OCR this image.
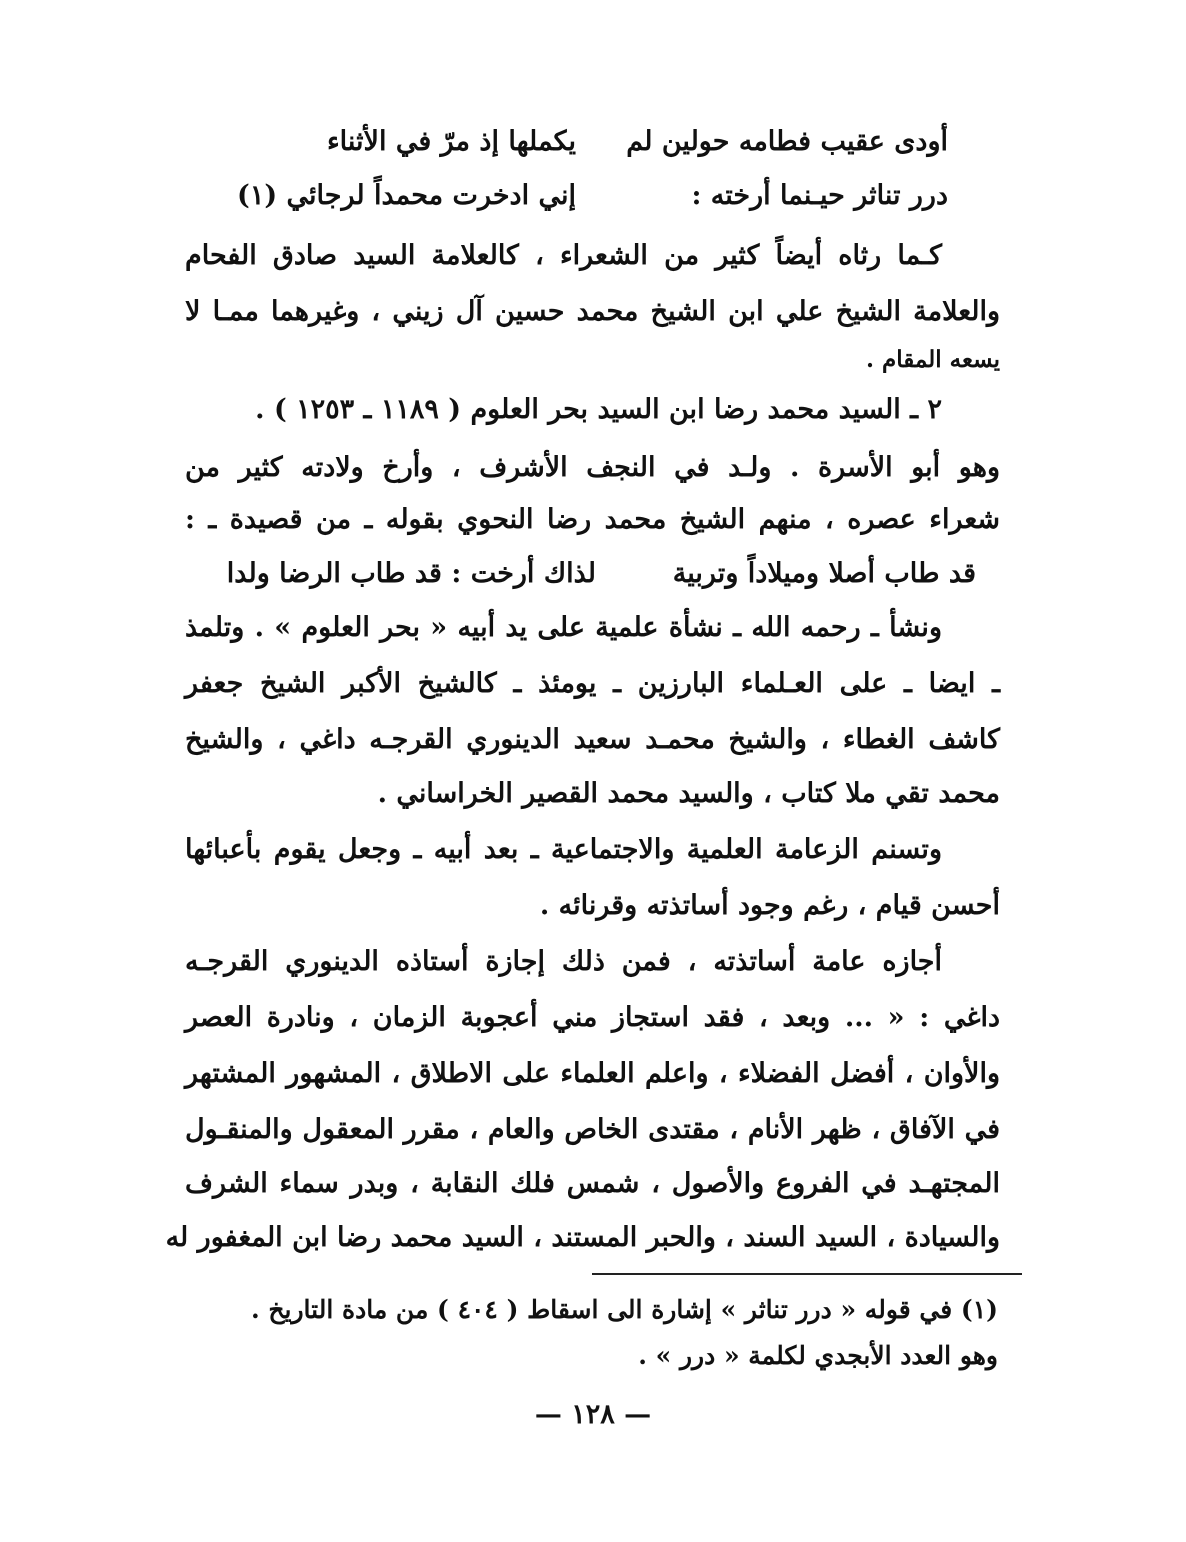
أودى عقيب فطامه حولين لم
يكملها إذ مرّ في الأثناء
درر تناثر حيـنما أرخته :
إني ادخرت محمداً لرجائي (١)
كـما رثاه أيضاً كثير من الشعراء ، كالعلامة السيد صادق الفحام
والعلامة الشيخ علي ابن الشيخ محمد حسين آل زيني ، وغيرهما ممـا لا
يسعه المقام .
٢ ـ السيد محمد رضا ابن السيد بحر العلوم ( ١١٨٩ ـ ١٢٥٣ ) .
وهو أبو الأسرة . ولـد في النجف الأشرف ، وأرخ ولادته كثير من
شعراء عصره ، منهم الشيخ محمد رضا النحوي بقوله ـ من قصيدة ـ :
قد طاب أصلا وميلاداً وتربية
لذاك أرخت : قد طاب الرضا ولدا
ونشأ ـ رحمه الله ـ نشأة علمية على يد أبيه « بحر العلوم » . وتلمذ
ـ ايضا ـ على العـلماء البارزين ـ يومئذ ـ كالشيخ الأكبر الشيخ جعفر
كاشف الغطاء ، والشيخ محمـد سعيد الدينوري القرجـه داغي ، والشيخ
محمد تقي ملا كتاب ، والسيد محمد القصير الخراساني .
وتسنم الزعامة العلمية والاجتماعية ـ بعد أبيه ـ وجعل يقوم بأعبائها
أحسن قيام ، رغم وجود أساتذته وقرنائه .
أجازه عامة أساتذته ، فمن ذلك إجازة أستاذه الدينوري القرجـه
داغي : « ... وبعد ، فقد استجاز مني أعجوبة الزمان ، ونادرة العصر
والأوان ، أفضل الفضلاء ، واعلم العلماء على الاطلاق ، المشهور المشتهر
في الآفاق ، ظهر الأنام ، مقتدى الخاص والعام ، مقرر المعقول والمنقـول
المجتهـد في الفروع والأصول ، شمس فلك النقابة ، وبدر سماء الشرف
والسيادة ، السيد السند ، والحبر المستند ، السيد محمد رضا ابن المغفور له
(١) في قوله « درر تناثر » إشارة الى اسقاط ( ٤٠٤ ) من مادة التاريخ .
وهو العدد الأبجدي لكلمة « درر » .
— ١٢٨ —
